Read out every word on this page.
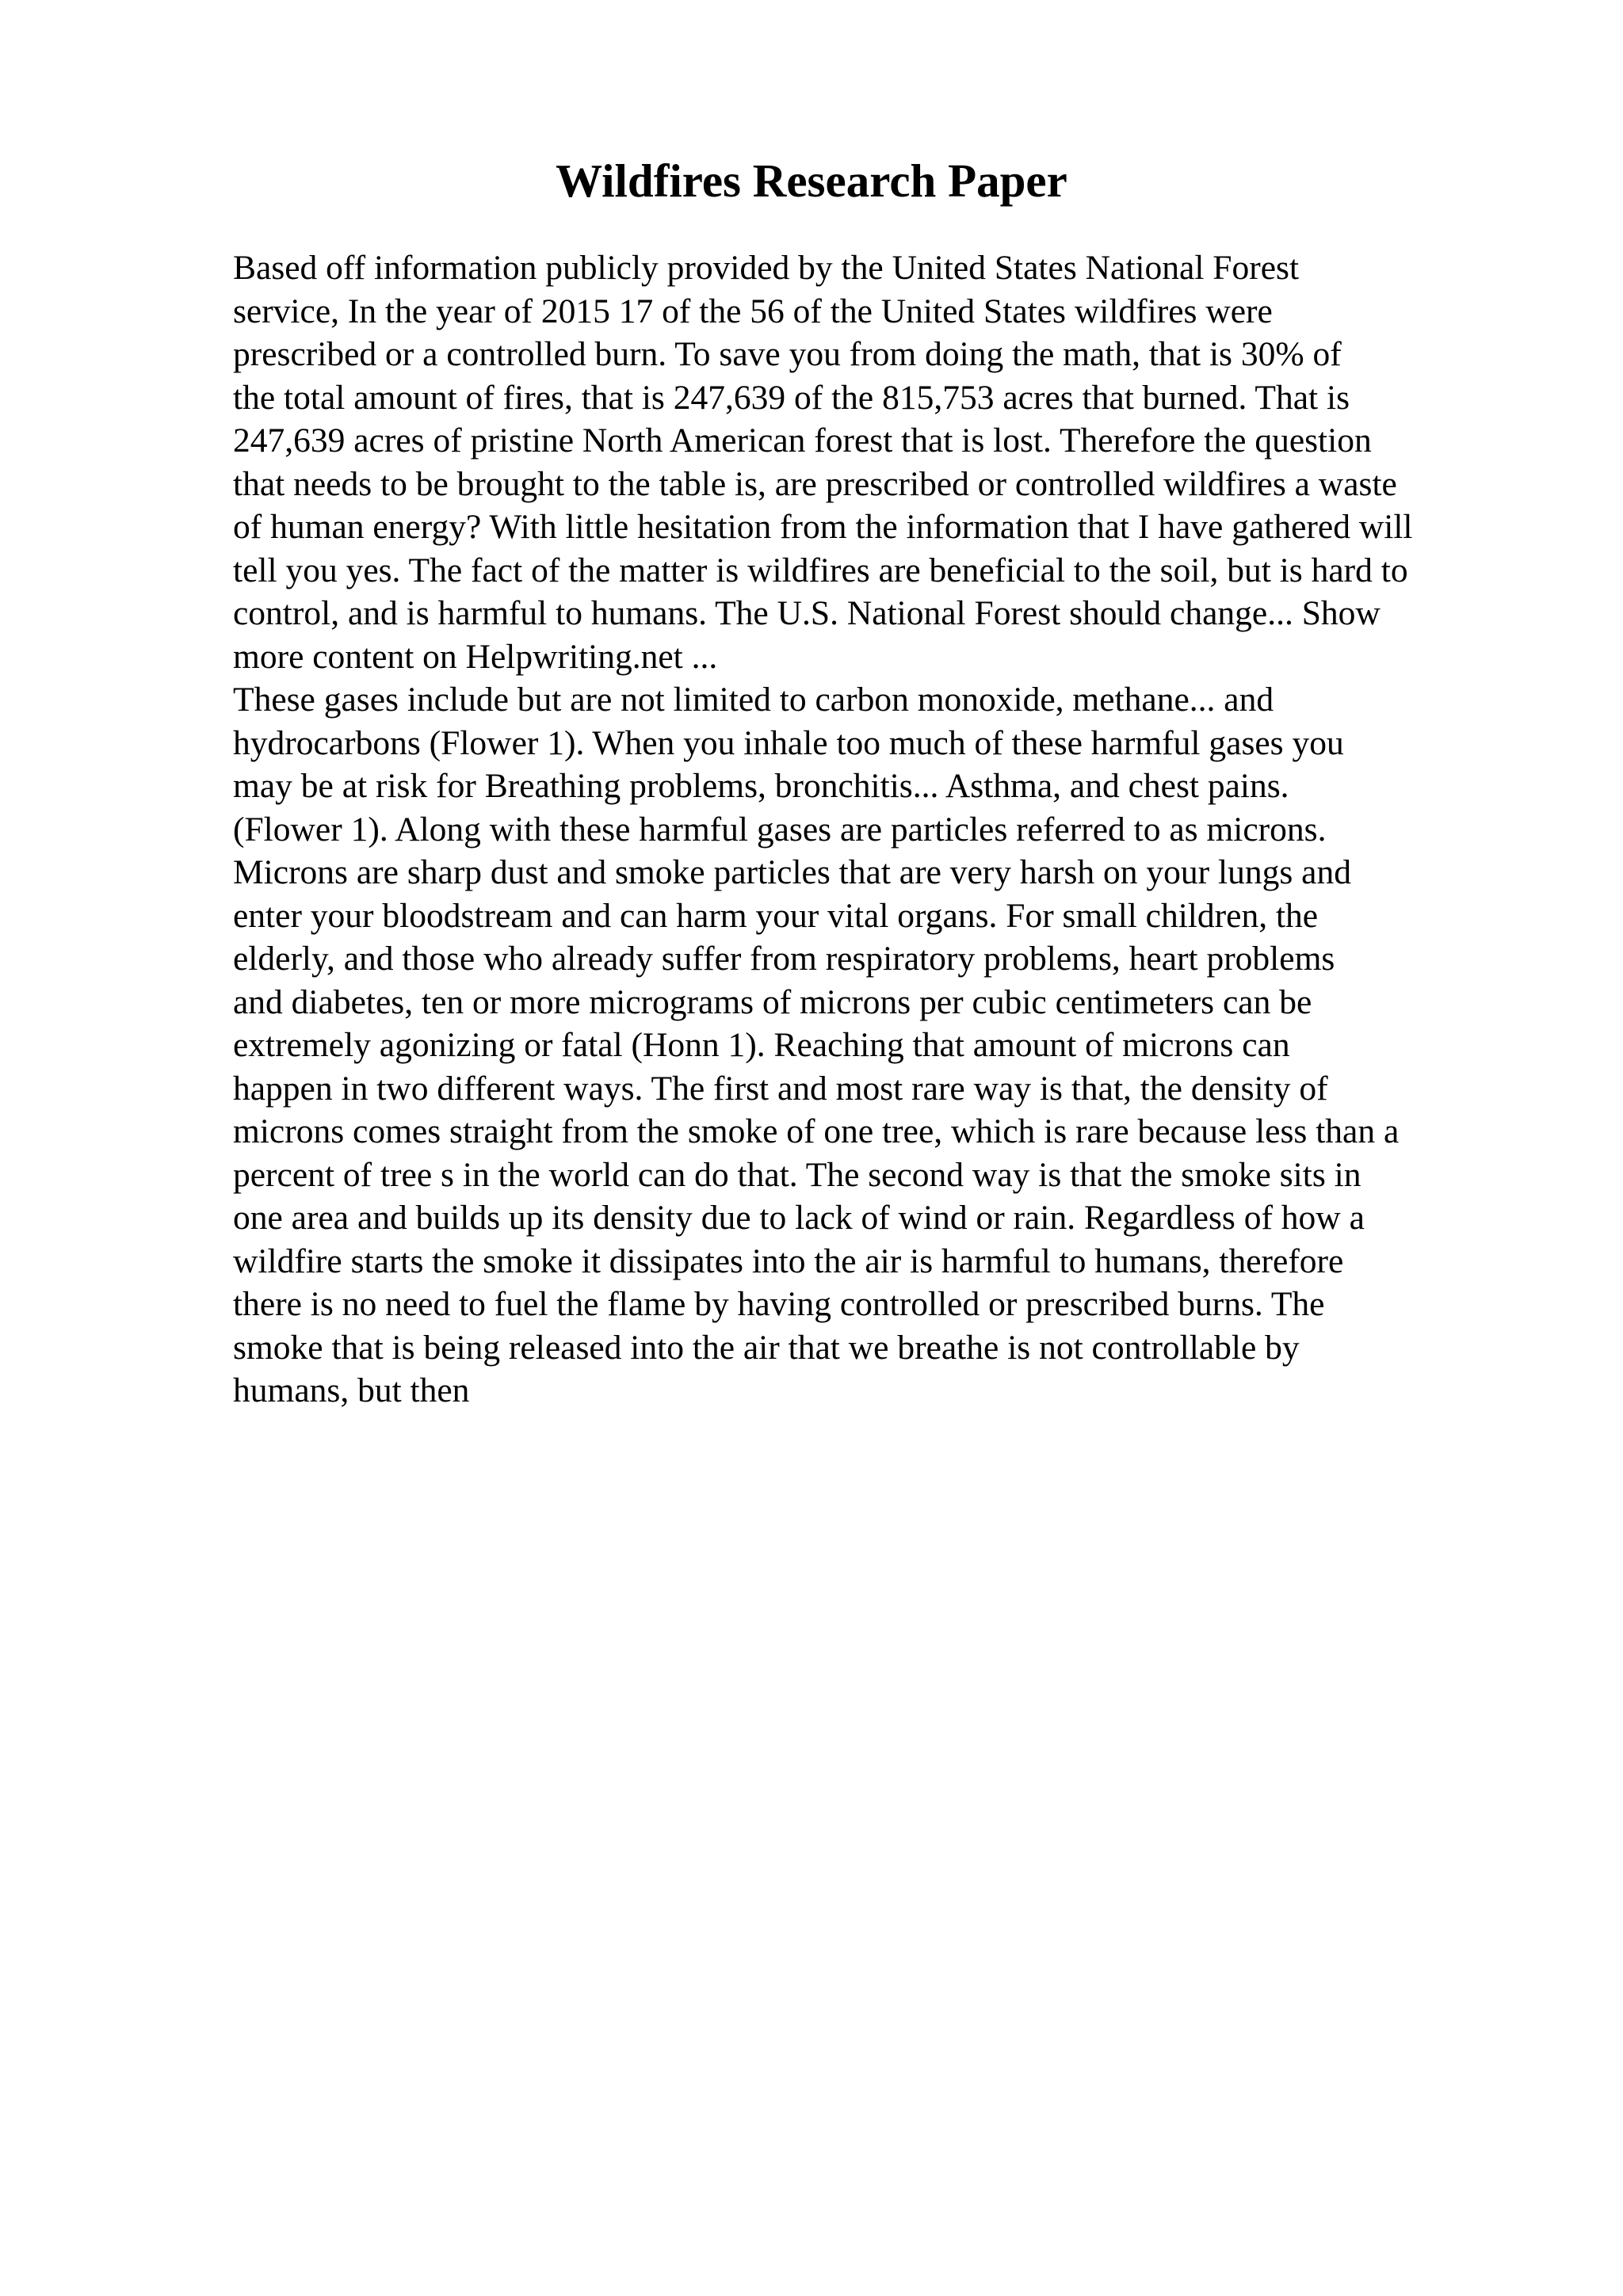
Wildfires Research Paper
Based off information publicly provided by the United States National Forest
service, In the year of 2015 17 of the 56 of the United States wildfires were
prescribed or a controlled burn. To save you from doing the math, that is 30% of
the total amount of fires, that is 247,639 of the 815,753 acres that burned. That is
247,639 acres of pristine North American forest that is lost. Therefore the question
that needs to be brought to the table is, are prescribed or controlled wildfires a waste
of human energy? With little hesitation from the information that I have gathered will
tell you yes. The fact of the matter is wildfires are beneficial to the soil, but is hard to
control, and is harmful to humans. The U.S. National Forest should change... Show
more content on Helpwriting.net ...
These gases include but are not limited to carbon monoxide, methane... and
hydrocarbons (Flower 1). When you inhale too much of these harmful gases you
may be at risk for Breathing problems, bronchitis... Asthma, and chest pains.
(Flower 1). Along with these harmful gases are particles referred to as microns.
Microns are sharp dust and smoke particles that are very harsh on your lungs and
enter your bloodstream and can harm your vital organs. For small children, the
elderly, and those who already suffer from respiratory problems, heart problems
and diabetes, ten or more micrograms of microns per cubic centimeters can be
extremely agonizing or fatal (Honn 1). Reaching that amount of microns can
happen in two different ways. The first and most rare way is that, the density of
microns comes straight from the smoke of one tree, which is rare because less than a
percent of tree s in the world can do that. The second way is that the smoke sits in
one area and builds up its density due to lack of wind or rain. Regardless of how a
wildfire starts the smoke it dissipates into the air is harmful to humans, therefore
there is no need to fuel the flame by having controlled or prescribed burns. The
smoke that is being released into the air that we breathe is not controllable by
humans, but then
